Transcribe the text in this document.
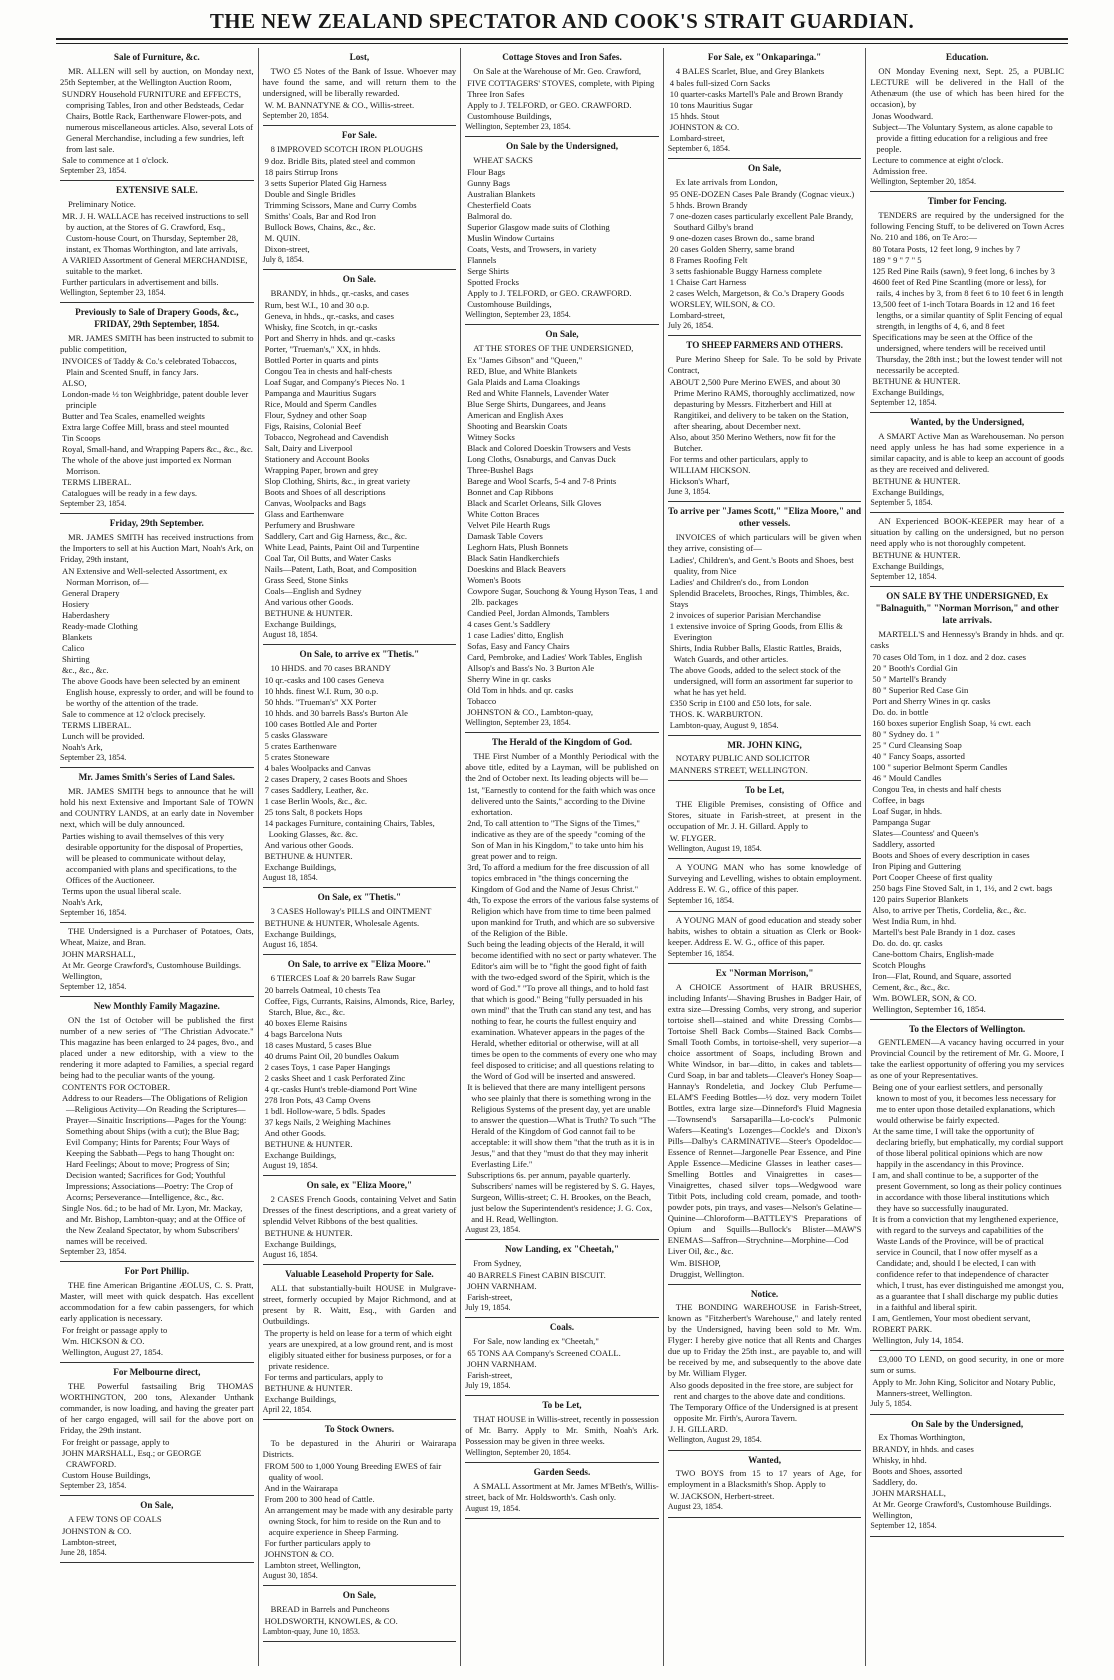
THE NEW ZEALAND SPECTATOR AND COOK'S STRAIT GUARDIAN.
Sale of Furniture, &c.
MR. ALLEN will sell by auction, on Monday next, 25th September, at the Wellington Auction Room,
SUNDRY Household FURNITURE and EFFECTS, comprising Tables, Iron and other Bedsteads, Cedar Chairs, Bottle Rack, Earthenware Flower-pots, and numerous miscellaneous articles. Also, several Lots of General Merchandise, including a few sundries, left from last sale.
Sale to commence at 1 o'clock.
September 23, 1854.
EXTENSIVE SALE.
Preliminary Notice.
MR. J. H. WALLACE has received instructions to sell by auction, at the Stores of G. Crawford, Esq., Custom-house Court, on Thursday, September 28, instant, ex Thomas Worthington, and late arrivals,
A VARIED Assortment of General MERCHANDISE, suitable to the market.
Further particulars in advertisement and bills.
Wellington, September 23, 1854.
Previously to Sale of Drapery Goods, &c., FRIDAY, 29th September, 1854.
MR. JAMES SMITH has been instructed to submit to public competition,
INVOICES of Taddy & Co.'s celebrated Tobaccos, Plain and Scented Snuff, in fancy Jars.
ALSO,
London-made ½ ton Weighbridge, patent double lever principle
Butter and Tea Scales, enamelled weights
Extra large Coffee Mill, brass and steel mounted
Tin Scoops
Royal, Small-hand, and Wrapping Papers &c., &c., &c.
The whole of the above just imported ex Norman Morrison.
TERMS LIBERAL.
Catalogues will be ready in a few days.
September 23, 1854.
Friday, 29th September.
MR. JAMES SMITH has received instructions from the Importers to sell at his Auction Mart, Noah's Ark, on Friday, 29th instant,
AN Extensive and Well-selected Assortment, ex Norman Morrison, of—
General Drapery
Hosiery
Haberdashery
Ready-made Clothing
Blankets
Calico
Shirting
&c., &c., &c.
The above Goods have been selected by an eminent English house, expressly to order, and will be found to be worthy of the attention of the trade.
Sale to commence at 12 o'clock precisely.
TERMS LIBERAL.
Lunch will be provided.
Noah's Ark,
September 23, 1854.
Mr. James Smith's Series of Land Sales.
MR. JAMES SMITH begs to announce that he will hold his next Extensive and Important Sale of TOWN and COUNTRY LANDS, at an early date in November next, which will be duly announced.
Parties wishing to avail themselves of this very desirable opportunity for the disposal of Properties, will be pleased to communicate without delay, accompanied with plans and specifications, to the Offices of the Auctioneer.
Terms upon the usual liberal scale.
Noah's Ark,
September 16, 1854.
THE Undersigned is a Purchaser of Potatoes, Oats, Wheat, Maize, and Bran.
JOHN MARSHALL,
At Mr. George Crawford's, Customhouse Buildings.
Wellington,
September 12, 1854.
New Monthly Family Magazine.
ON the 1st of October will be published the first number of a new series of "The Christian Advocate." This magazine has been enlarged to 24 pages, 8vo., and placed under a new editorship, with a view to the rendering it more adapted to Families, a special regard being had to the peculiar wants of the young.
CONTENTS FOR OCTOBER.
Address to our Readers—The Obligations of Religion—Religious Activity—On Reading the Scriptures—Prayer—Sinaitic Inscriptions—Pages for the Young: Something about Ships (with a cut); the Blue Bag; Evil Company; Hints for Parents; Four Ways of Keeping the Sabbath—Pegs to hang Thought on: Hard Feelings; About to move; Progress of Sin; Decision wanted; Sacrifices for God; Youthful Impressions; Associations—Poetry: The Crop of Acorns; Perseverance—Intelligence, &c., &c.
Single Nos. 6d.; to be had of Mr. Lyon, Mr. Mackay, and Mr. Bishop, Lambton-quay; and at the Office of the New Zealand Spectator, by whom Subscribers' names will be received.
September 23, 1854.
For Port Phillip.
THE fine American Brigantine ÆOLUS, C. S. Pratt, Master, will meet with quick despatch. Has excellent accommodation for a few cabin passengers, for which early application is necessary.
For freight or passage apply to
Wm. HICKSON & CO.
Wellington, August 27, 1854.
For Melbourne direct,
THE Powerful fastsailing Brig THOMAS WORTHINGTON, 200 tons, Alexander Unthank commander, is now loading, and having the greater part of her cargo engaged, will sail for the above port on Friday, the 29th instant.
For freight or passage, apply to
JOHN MARSHALL, Esq.; or GEORGE CRAWFORD.
Custom House Buildings,
September 23, 1854.
On Sale,
A FEW TONS OF COALS
JOHNSTON & CO.
Lambton-street,
June 28, 1854.
Lost,
TWO £5 Notes of the Bank of Issue. Whoever may have found the same, and will return them to the undersigned, will be liberally rewarded.
W. M. BANNATYNE & CO., Willis-street.
September 20, 1854.
For Sale.
8 IMPROVED SCOTCH IRON PLOUGHS
9 doz. Bridle Bits, plated steel and common
18 pairs Stirrup Irons
3 setts Superior Plated Gig Harness
Double and Single Bridles
Trimming Scissors, Mane and Curry Combs
Smiths' Coals, Bar and Rod Iron
Bullock Bows, Chains, &c., &c.
M. QUIN.
Dixon-street,
July 8, 1854.
On Sale.
BRANDY, in hhds., qr.-casks, and cases
Rum, best W.I., 10 and 30 o.p.
Geneva, in hhds., qr.-casks, and cases
Whisky, fine Scotch, in qr.-casks
Port and Sherry in hhds. and qr.-casks
Porter, "Trueman's," XX, in hhds.
Bottled Porter in quarts and pints
Congou Tea in chests and half-chests
Loaf Sugar, and Company's Pieces No. 1
Pampanga and Mauritius Sugars
Rice, Mould and Sperm Candles
Flour, Sydney and other Soap
Figs, Raisins, Colonial Beef
Tobacco, Negrohead and Cavendish
Salt, Dairy and Liverpool
Stationery and Account Books
Wrapping Paper, brown and grey
Slop Clothing, Shirts, &c., in great variety
Boots and Shoes of all descriptions
Canvas, Woolpacks and Bags
Glass and Earthenware
Perfumery and Brushware
Saddlery, Cart and Gig Harness, &c., &c.
White Lead, Paints, Paint Oil and Turpentine
Coal Tar, Oil Butts, and Water Casks
Nails—Patent, Lath, Boat, and Composition
Grass Seed, Stone Sinks
Coals—English and Sydney
And various other Goods.
BETHUNE & HUNTER.
Exchange Buildings,
August 18, 1854.
On Sale, to arrive ex "Thetis."
10 HHDS. and 70 cases BRANDY
10 qr.-casks and 100 cases Geneva
10 hhds. finest W.I. Rum, 30 o.p.
50 hhds. "Trueman's" XX Porter
10 hhds. and 30 barrels Bass's Burton Ale
100 cases Bottled Ale and Porter
5 casks Glassware
5 crates Earthenware
5 crates Stoneware
4 bales Woolpacks and Canvas
2 cases Drapery, 2 cases Boots and Shoes
7 cases Saddlery, Leather, &c.
1 case Berlin Wools, &c., &c.
25 tons Salt, 8 pockets Hops
14 packages Furniture, containing Chairs, Tables, Looking Glasses, &c. &c.
And various other Goods.
BETHUNE & HUNTER.
Exchange Buildings,
August 18, 1854.
On Sale, ex "Thetis."
3 CASES Holloway's PILLS and OINTMENT
BETHUNE & HUNTER, Wholesale Agents.
Exchange Buildings,
August 16, 1854.
On Sale, to arrive ex "Eliza Moore."
6 TIERCES Loaf & 20 barrels Raw Sugar
20 barrels Oatmeal, 10 chests Tea
Coffee, Figs, Currants, Raisins, Almonds, Rice, Barley, Starch, Blue, &c., &c.
40 boxes Eleme Raisins
4 bags Barcelona Nuts
18 cases Mustard, 5 cases Blue
40 drums Paint Oil, 20 bundles Oakum
2 cases Toys, 1 case Paper Hangings
2 casks Sheet and 1 cask Perforated Zinc
4 qr.-casks Hunt's treble-diamond Port Wine
278 Iron Pots, 43 Camp Ovens
1 bdl. Hollow-ware, 5 bdls. Spades
37 kegs Nails, 2 Weighing Machines
And other Goods.
BETHUNE & HUNTER.
Exchange Buildings,
August 19, 1854.
On sale, ex "Eliza Moore,"
2 CASES French Goods, containing Velvet and Satin Dresses of the finest descriptions, and a great variety of splendid Velvet Ribbons of the best qualities.
BETHUNE & HUNTER.
Exchange Buildings,
August 16, 1854.
Valuable Leasehold Property for Sale.
ALL that substantially-built HOUSE in Mulgrave-street, formerly occupied by Major Richmond, and at present by R. Waitt, Esq., with Garden and Outbuildings.
The property is held on lease for a term of which eight years are unexpired, at a low ground rent, and is most eligibly situated either for business purposes, or for a private residence.
For terms and particulars, apply to
BETHUNE & HUNTER.
Exchange Buildings,
April 22, 1854.
To Stock Owners.
To be depastured in the Ahuriri or Wairarapa Districts.
FROM 500 to 1,000 Young Breeding EWES of fair quality of wool.
And in the Wairarapa
From 200 to 300 head of Cattle.
An arrangement may be made with any desirable party owning Stock, for him to reside on the Run and to acquire experience in Sheep Farming.
For further particulars apply to
JOHNSTON & CO.
Lambton street, Wellington,
August 30, 1854.
On Sale,
BREAD in Barrels and Puncheons
HOLDSWORTH, KNOWLES, & CO.
Lambton-quay, June 10, 1853.
Cottage Stoves and Iron Safes.
On Sale at the Warehouse of Mr. Geo. Crawford,
FIVE COTTAGERS' STOVES, complete, with Piping
Three Iron Safes
Apply to J. TELFORD, or GEO. CRAWFORD.
Customhouse Buildings,
Wellington, September 23, 1854.
On Sale by the Undersigned,
WHEAT SACKS
Flour Bags
Gunny Bags
Australian Blankets
Chesterfield Coats
Balmoral do.
Superior Glasgow made suits of Clothing
Muslin Window Curtains
Coats, Vests, and Trowsers, in variety
Flannels
Serge Shirts
Spotted Frocks
Apply to J. TELFORD, or GEO. CRAWFORD.
Customhouse Buildings,
Wellington, September 23, 1854.
On Sale,
AT THE STORES OF THE UNDERSIGNED,
Ex "James Gibson" and "Queen,"
RED, Blue, and White Blankets
Gala Plaids and Lama Cloakings
Red and White Flannels, Lavender Water
Blue Serge Shirts, Dungarees, and Jeans
American and English Axes
Shooting and Bearskin Coats
Witney Socks
Black and Colored Doeskin Trowsers and Vests
Long Cloths, Osnaburgs, and Canvas Duck
Three-Bushel Bags
Barege and Wool Scarfs, 5-4 and 7-8 Prints
Bonnet and Cap Ribbons
Black and Scarlet Orleans, Silk Gloves
White Cotton Braces
Velvet Pile Hearth Rugs
Damask Table Covers
Leghorn Hats, Plush Bonnets
Black Satin Handkerchiefs
Doeskins and Black Beavers
Women's Boots
Cowpore Sugar, Souchong & Young Hyson Teas, 1 and 2lb. packages
Candied Peel, Jordan Almonds, Tamblers
4 cases Gent.'s Saddlery
1 case Ladies' ditto, English
Sofas, Easy and Fancy Chairs
Card, Pembroke, and Ladies' Work Tables, English
Allsop's and Bass's No. 3 Burton Ale
Sherry Wine in qr. casks
Old Tom in hhds. and qr. casks
Tobacco
JOHNSTON & CO., Lambton-quay,
Wellington, September 23, 1854.
The Herald of the Kingdom of God.
THE First Number of a Monthly Periodical with the above title, edited by a Layman, will be published on the 2nd of October next. Its leading objects will be—
1st, "Earnestly to contend for the faith which was once delivered unto the Saints," according to the Divine exhortation.
2nd, To call attention to "The Signs of the Times," indicative as they are of the speedy "coming of the Son of Man in his Kingdom," to take unto him his great power and to reign.
3rd, To afford a medium for the free discussion of all topics embraced in "the things concerning the Kingdom of God and the Name of Jesus Christ."
4th, To expose the errors of the various false systems of Religion which have from time to time been palmed upon mankind for Truth, and which are so subversive of the Religion of the Bible.
Such being the leading objects of the Herald, it will become identified with no sect or party whatever. The Editor's aim will be to "fight the good fight of faith with the two-edged sword of the Spirit, which is the word of God." "To prove all things, and to hold fast that which is good." Being "fully persuaded in his own mind" that the Truth can stand any test, and has nothing to fear, he courts the fullest enquiry and examination. Whatever appears in the pages of the Herald, whether editorial or otherwise, will at all times be open to the comments of every one who may feel disposed to criticise; and all questions relating to the Word of God will be inserted and answered.
It is believed that there are many intelligent persons who see plainly that there is something wrong in the Religious Systems of the present day, yet are unable to answer the question—What is Truth? To such "The Herald of the Kingdom of God cannot fail to be acceptable: it will show them "that the truth as it is in Jesus," and that they "must do that they may inherit Everlasting Life."
Subscriptions 6s. per annum, payable quarterly. Subscribers' names will be registered by S. G. Hayes, Surgeon, Willis-street; C. H. Brookes, on the Beach, just below the Superintendent's residence; J. G. Cox, and H. Read, Wellington.
August 23, 1854.
Now Landing, ex "Cheetah,"
From Sydney,
40 BARRELS Finest CABIN BISCUIT.
JOHN VARNHAM.
Farish-street,
July 19, 1854.
Coals.
For Sale, now landing ex "Cheetah,"
65 TONS AA Company's Screened COALL.
JOHN VARNHAM.
Farish-street,
July 19, 1854.
To be Let,
THAT HOUSE in Willis-street, recently in possession of Mr. Barry. Apply to Mr. Smith, Noah's Ark. Possession may be given in three weeks.
Wellington, September 20, 1854.
Garden Seeds.
A SMALL Assortment at Mr. James M'Beth's, Willis-street, back of Mr. Holdsworth's. Cash only.
August 19, 1854.
For Sale, ex "Onkaparinga."
4 BALES Scarlet, Blue, and Grey Blankets
4 bales full-sized Corn Sacks
10 quarter-casks Martell's Pale and Brown Brandy
10 tons Mauritius Sugar
15 hhds. Stout
JOHNSTON & CO.
Lombard-street,
September 6, 1854.
On Sale,
Ex late arrivals from London,
95 ONE-DOZEN Cases Pale Brandy (Cognac vieux.)
5 hhds. Brown Brandy
7 one-dozen cases particularly excellent Pale Brandy, Southard Gilby's brand
9 one-dozen cases Brown do., same brand
20 cases Golden Sherry, same brand
8 Frames Roofing Felt
3 setts fashionable Buggy Harness complete
1 Chaise Cart Harness
2 cases Welch, Margetson, & Co.'s Drapery Goods
WORSLEY, WILSON, & CO.
Lombard-street,
July 26, 1854.
TO SHEEP FARMERS AND OTHERS.
Pure Merino Sheep for Sale. To be sold by Private Contract,
ABOUT 2,500 Pure Merino EWES, and about 30 Prime Merino RAMS, thoroughly acclimatized, now depasturing by Messrs. Fitzherbert and Hill at Rangitikei, and delivery to be taken on the Station, after shearing, about December next.
Also, about 350 Merino Wethers, now fit for the Butcher.
For terms and other particulars, apply to
WILLIAM HICKSON.
Hickson's Wharf,
June 3, 1854.
To arrive per "James Scott," "Eliza Moore," and other vessels.
INVOICES of which particulars will be given when they arrive, consisting of—
Ladies', Children's, and Gent.'s Boots and Shoes, best quality, from Nice
Ladies' and Children's do., from London
Splendid Bracelets, Brooches, Rings, Thimbles, &c.
Stays
2 invoices of superior Parisian Merchandise
1 extensive invoice of Spring Goods, from Ellis & Everington
Shirts, India Rubber Balls, Elastic Rattles, Braids, Watch Guards, and other articles.
The above Goods, added to the select stock of the undersigned, will form an assortment far superior to what he has yet held.
£350 Scrip in £100 and £50 lots, for sale.
THOS. K. WARBURTON.
Lambton-quay, August 9, 1854.
MR. JOHN KING,
NOTARY PUBLIC AND SOLICITOR
MANNERS STREET, WELLINGTON.
To be Let,
THE Eligible Premises, consisting of Office and Stores, situate in Farish-street, at present in the occupation of Mr. J. H. Gillard. Apply to
W. FLYGER.
Wellington, August 19, 1854.
A YOUNG MAN who has some knowledge of Surveying and Levelling, wishes to obtain employment. Address E. W. G., office of this paper.
September 16, 1854.
A YOUNG MAN of good education and steady sober habits, wishes to obtain a situation as Clerk or Book-keeper. Address E. W. G., office of this paper.
September 16, 1854.
Ex "Norman Morrison,"
A CHOICE Assortment of HAIR BRUSHES, including Infants'—Shaving Brushes in Badger Hair, of extra size—Dressing Combs, very strong, and superior tortoise shell—stained and white Dressing Combs—Tortoise Shell Back Combs—Stained Back Combs—Small Tooth Combs, in tortoise-shell, very superior—a choice assortment of Soaps, including Brown and White Windsor, in bar—ditto, in cakes and tablets—Curd Soap, in bar and tablets—Cleaver's Honey Soap—Hannay's Rondeletia, and Jockey Club Perfume—ELAM'S Feeding Bottles—½ doz. very modern Toilet Bottles, extra large size—Dinneford's Fluid Magnesia—Townsend's Sarsaparilla—Lo-cock's Pulmonic Wafers—Keating's Lozenges—Cockle's and Dixon's Pills—Dalby's CARMINATIVE—Steer's Opodeldoc—Essence of Rennet—Jargonelle Pear Essence, and Pine Apple Essence—Medicine Glasses in leather cases—Smelling Bottles and Vinaigrettes in cases—Vinaigrettes, chased silver tops—Wedgwood ware Titbit Pots, including cold cream, pomade, and tooth-powder pots, pin trays, and vases—Nelson's Gelatine—Quinine—Chloroform—BATTLEY'S Preparations of Opium and Squills—Bullock's Blister—MAW'S ENEMAS—Saffron—Strychnine—Morphine—Cod Liver Oil, &c., &c.
Wm. BISHOP,
Druggist, Wellington.
Notice.
THE BONDING WAREHOUSE in Farish-Street, known as "Fitzherbert's Warehouse," and lately rented by the Undersigned, having been sold to Mr. Wm. Flyger: I hereby give notice that all Rents and Charges due up to Friday the 25th inst., are payable to, and will be received by me, and subsequently to the above date by Mr. William Flyger.
Also goods deposited in the free store, are subject for rent and charges to the above date and conditions.
The Temporary Office of the Undersigned is at present opposite Mr. Firth's, Aurora Tavern.
J. H. GILLARD.
Wellington, August 29, 1854.
Wanted,
TWO BOYS from 15 to 17 years of Age, for employment in a Blacksmith's Shop. Apply to
W. JACKSON, Herbert-street.
August 23, 1854.
Education.
ON Monday Evening next, Sept. 25, a PUBLIC LECTURE will be delivered in the Hall of the Athenæum (the use of which has been hired for the occasion), by
Jonas Woodward.
Subject—The Voluntary System, as alone capable to provide a fitting education for a religious and free people.
Lecture to commence at eight o'clock.
Admission free.
Wellington, September 20, 1854.
Timber for Fencing.
TENDERS are required by the undersigned for the following Fencing Stuff, to be delivered on Town Acres No. 210 and 186, on Te Aro:—
80 Totara Posts, 12 feet long, 9 inches by 7
189 " 9 " 7 " 5
125 Red Pine Rails (sawn), 9 feet long, 6 inches by 3
4600 feet of Red Pine Scantling (more or less), for rails, 4 inches by 3, from 8 feet 6 to 10 feet 6 in length
13,500 feet of 1-inch Totara Boards in 12 and 16 feet lengths, or a similar quantity of Split Fencing of equal strength, in lengths of 4, 6, and 8 feet
Specifications may be seen at the Office of the undersigned, where tenders will be received until Thursday, the 28th inst.; but the lowest tender will not necessarily be accepted.
BETHUNE & HUNTER.
Exchange Buildings,
September 12, 1854.
Wanted, by the Undersigned,
A SMART Active Man as Warehouseman. No person need apply unless he has had some experience in a similar capacity, and is able to keep an account of goods as they are received and delivered.
BETHUNE & HUNTER.
Exchange Buildings,
September 5, 1854.
AN Experienced BOOK-KEEPER may hear of a situation by calling on the undersigned, but no person need apply who is not thoroughly competent.
BETHUNE & HUNTER.
Exchange Buildings,
September 12, 1854.
ON SALE BY THE UNDERSIGNED, Ex "Balnaguith," "Norman Morrison," and other late arrivals.
MARTELL'S and Hennessy's Brandy in hhds. and qr. casks
70 cases Old Tom, in 1 doz. and 2 doz. cases
20 " Booth's Cordial Gin
50 " Martell's Brandy
80 " Superior Red Case Gin
Port and Sherry Wines in qr. casks
Do. do. in bottle
160 boxes superior English Soap, ¼ cwt. each
80 " Sydney do. 1 "
25 " Curd Cleansing Soap
40 " Fancy Soaps, assorted
100 " superior Belmont Sperm Candles
46 " Mould Candles
Congou Tea, in chests and half chests
Coffee, in bags
Loaf Sugar, in hhds.
Pampanga Sugar
Slates—Countess' and Queen's
Saddlery, assorted
Boots and Shoes of every description in cases
Iron Piping and Guttering
Port Cooper Cheese of first quality
250 bags Fine Stoved Salt, in 1, 1½, and 2 cwt. bags
120 pairs Superior Blankets
Also, to arrive per Thetis, Cordelia, &c., &c.
West India Rum, in hhd.
Martell's best Pale Brandy in 1 doz. cases
Do. do. do. qr. casks
Cane-bottom Chairs, English-made
Scotch Ploughs
Iron—Flat, Round, and Square, assorted
Cement, &c., &c., &c.
Wm. BOWLER, SON, & CO.
Wellington, September 16, 1854.
To the Electors of Wellington.
GENTLEMEN—A vacancy having occurred in your Provincial Council by the retirement of Mr. G. Moore, I take the earliest opportunity of offering you my services as one of your Representatives.
Being one of your earliest settlers, and personally known to most of you, it becomes less necessary for me to enter upon those detailed explanations, which would otherwise be fairly expected.
At the same time, I will take the opportunity of declaring briefly, but emphatically, my cordial support of those liberal political opinions which are now happily in the ascendancy in this Province.
I am, and shall continue to be, a supporter of the present Government, so long as their policy continues in accordance with those liberal institutions which they have so successfully inaugurated.
It is from a conviction that my lengthened experience, with regard to the surveys and capabilities of the Waste Lands of the Province, will be of practical service in Council, that I now offer myself as a Candidate; and, should I be elected, I can with confidence refer to that independence of character which, I trust, has ever distinguished me amongst you, as a guarantee that I shall discharge my public duties in a faithful and liberal spirit.
I am, Gentlemen, Your most obedient servant,
ROBERT PARK.
Wellington, July 14, 1854.
£3,000 TO LEND, on good security, in one or more sum or sums.
Apply to Mr. John King, Solicitor and Notary Public, Manners-street, Wellington.
July 5, 1854.
On Sale by the Undersigned,
Ex Thomas Worthington,
BRANDY, in hhds. and cases
Whisky, in hhd.
Boots and Shoes, assorted
Saddlery, do.
JOHN MARSHALL,
At Mr. George Crawford's, Customhouse Buildings.
Wellington,
September 12, 1854.
